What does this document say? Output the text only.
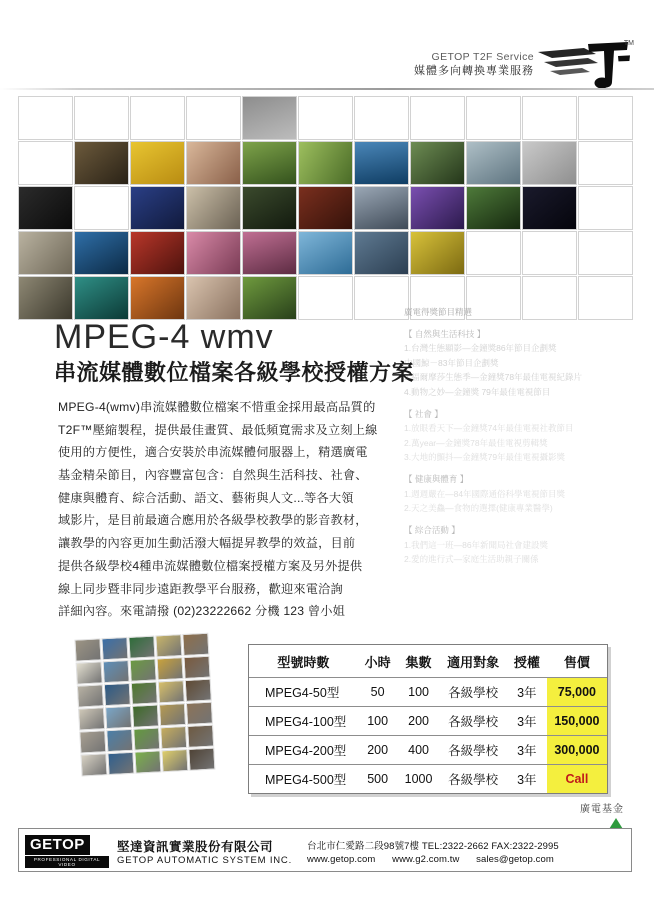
GETOP T2F Service
媒體多向轉換專業服務
TM
廣電得獎節目精選
【 自然與生活科技 】
1.台灣生態顯影—金鐘獎86年節目企劃獎
中國鯨－83年節目企劃獎
2.福爾摩莎生態季—金鐘獎78年最佳電視紀錄片
4.動物之妙—金鐘獎 79年最佳電視節目
【 社會 】
1.放眼看天下—金鐘獎74年最佳電視社教節目
2.萬year—金鐘獎78年最佳電視剪輯獎
3.大地的顫抖—金鐘獎79年最佳電視攝影獎
【 健康與體育 】
1.週週嚴在—84年國際通俗科學電視節目獎
2.天之美鱻—食物的選擇(健康專業醫學)
【 綜合活動 】
1.我們這一班—86年新聞局社會建設獎
2.愛的進行式—家庭生活助親子關係
MPEG-4 wmv
串流媒體數位檔案各級學校授權方案

MPEG-4(wmv)串流媒體數位檔案不惜重金採用最高品質的

T2F™壓縮製程，提供最佳畫質、最低頻寬需求及立刻上線

使用的方便性，適合安裝於串流媒體伺服器上，精選廣電

基金精朵節目，內容豐富包含：自然與生活科技、社會、

健康與體育、綜合活動、語文、藝術與人文...等各大領

域影片，是目前最適合應用於各級學校教學的影音教材，

讓教學的內容更加生動活潑大幅提昇教學的效益，目前

提供各級學校4種串流媒體數位檔案授權方案及另外提供

線上同步暨非同步遠距教學平台服務，歡迎來電洽詢

詳細內容。來電請撥 (02)23222662 分機 123 曾小姐

型號時數	小時	集數	適用對象	授權	售價
MPEG4-50型	50	100	各級學校	3年	75,000
MPEG4-100型	100	200	各級學校	3年	150,000
MPEG4-200型	200	400	各級學校	3年	300,000
MPEG4-500型	500	1000	各級學校	3年	Call
廣電基金
GETOP
PROFESSIONAL DIGITAL VIDEO
堅達資訊實業股份有限公司
GETOP AUTOMATIC SYSTEM INC.
台北市仁愛路二段98號7樓 TEL:2322-2662 FAX:2322-2995
www.getop.com www.g2.com.tw sales@getop.com
